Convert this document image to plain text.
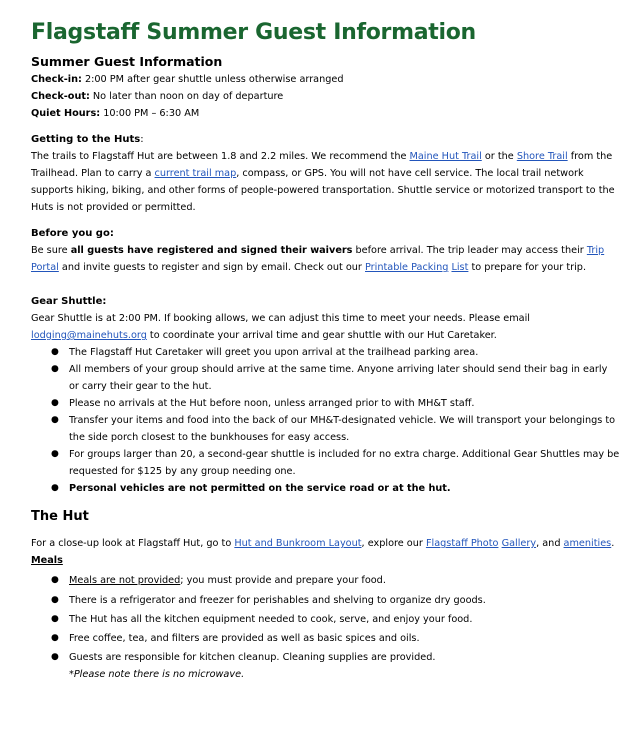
Flagstaff Summer Guest Information
Summer Guest Information

Check-in: 2:00 PM after gear shuttle unless otherwise arranged

Check-out: No later than noon on day of departure

Quiet Hours: 10:00 PM – 6:30 AM

Getting to the Huts:

The trails to Flagstaff Hut are between 1.8 and 2.2 miles. We recommend the Maine Hut Trail or the Shore Trail from the Trailhead. Plan to carry a current trail map, compass, or GPS. You will not have cell service. The local trail network supports hiking, biking, and other forms of people-powered transportation. Shuttle service or motorized transport to the Huts is not provided or permitted.

Before you go:

Be sure all guests have registered and signed their waivers before arrival. The trip leader may access their Trip Portal and invite guests to register and sign by email. Check out our Printable Packing List to prepare for your trip.

Gear Shuttle:

Gear Shuttle is at 2:00 PM. If booking allows, we can adjust this time to meet your needs. Please email lodging@mainehuts.org to coordinate your arrival time and gear shuttle with our Hut Caretaker.

● The Flagstaff Hut Caretaker will greet you upon arrival at the trailhead parking area.
● All members of your group should arrive at the same time. Anyone arriving later should send their bag in early or carry their gear to the hut.
● Please no arrivals at the Hut before noon, unless arranged prior to with MH&T staff.
● Transfer your items and food into the back of our MH&T-designated vehicle. We will transport your belongings to the side porch closest to the bunkhouses for easy access.
● For groups larger than 20, a second-gear shuttle is included for no extra charge. Additional Gear Shuttles may be requested for $125 by any group needing one.
● Personal vehicles are not permitted on the service road or at the hut.
The Hut

For a close-up look at Flagstaff Hut, go to Hut and Bunkroom Layout, explore our Flagstaff Photo Gallery, and amenities.

Meals

● Meals are not provided; you must provide and prepare your food.
● There is a refrigerator and freezer for perishables and shelving to organize dry goods.
● The Hut has all the kitchen equipment needed to cook, serve, and enjoy your food.
● Free coffee, tea, and filters are provided as well as basic spices and oils.
● Guests are responsible for kitchen cleanup. Cleaning supplies are provided.
*Please note there is no microwave.
